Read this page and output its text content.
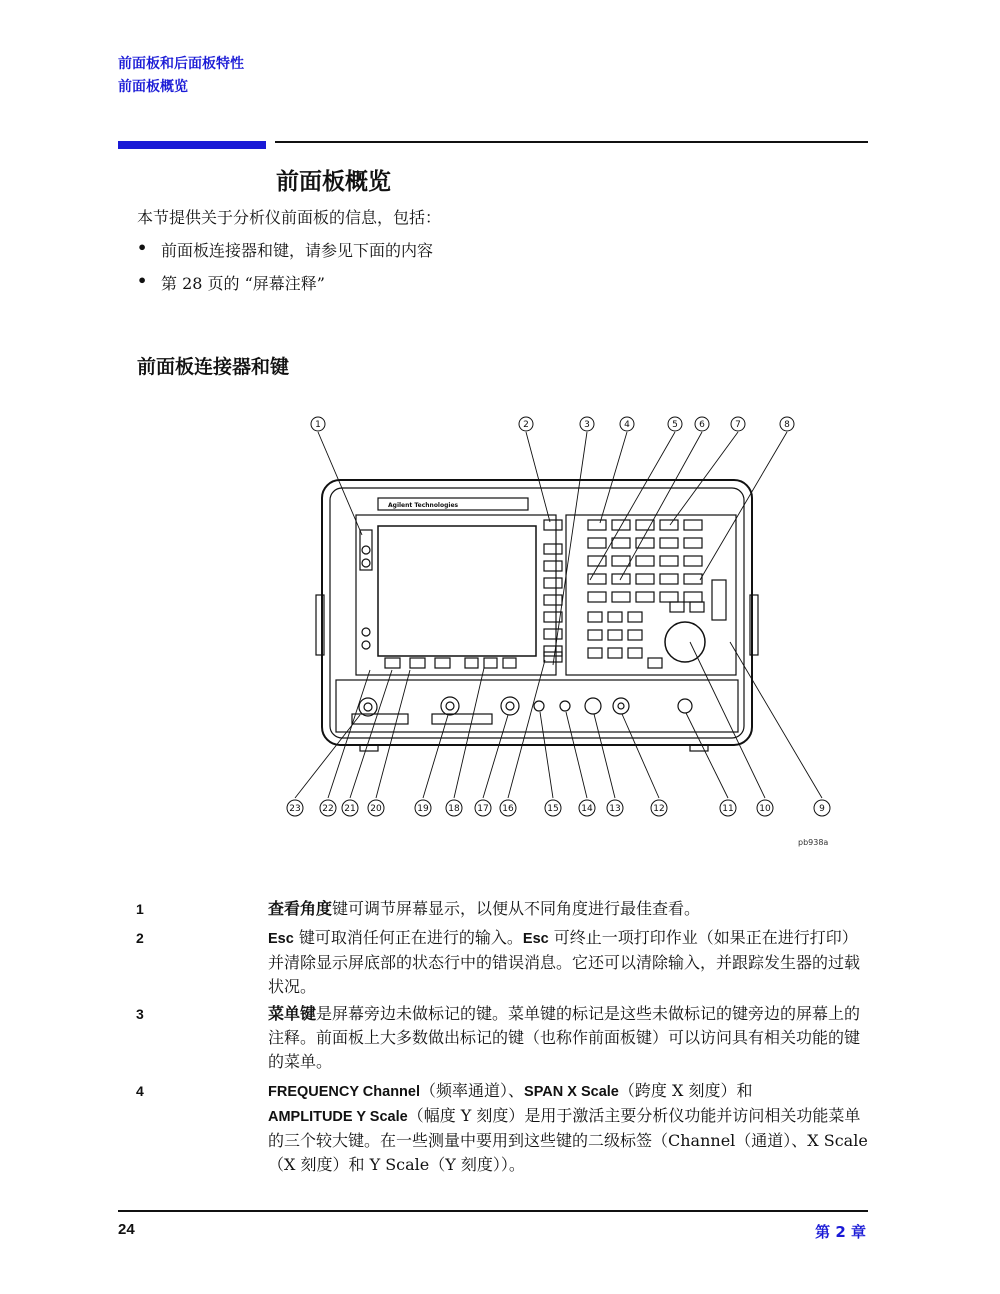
前面板和后面板特性
前面板概览
前面板概览
本节提供关于分析仪前面板的信息，包括：
• 前面板连接器和键，请参见下面的内容
• 第 28 页的 “屏幕注释”
前面板连接器和键
Agilent Technologies
1	2	3	4	5 6	7	8
23 22 21 20	19 18 17 16	15	14 13	12	11	10	9
pb938a
1	查看角度键可调节屏幕显示，以便从不同角度进行最佳查看。
2	Esc 键可取消任何正在进行的输入。Esc 可终止一项打印作业（如果正在进行打印）并清除显示屏底部的状态行中的错误消息。它还可以清除输入，并跟踪发生器的过载状况。
3	菜单键是屏幕旁边未做标记的键。菜单键的标记是这些未做标记的键旁边的屏幕上的注释。前面板上大多数做出标记的键（也称作前面板键）可以访问具有相关功能的键的菜单。
4	FREQUENCY Channel（频率通道）、SPAN X Scale（跨度 X 刻度）和
AMPLITUDE Y Scale（幅度 Y 刻度）是用于激活主要分析仪功能并访问相关功能菜单的三个较大键。在一些测量中要用到这些键的二级标签（Channel（通道）、X Scale（X 刻度）和 Y Scale（Y 刻度））。
24	第 2 章
